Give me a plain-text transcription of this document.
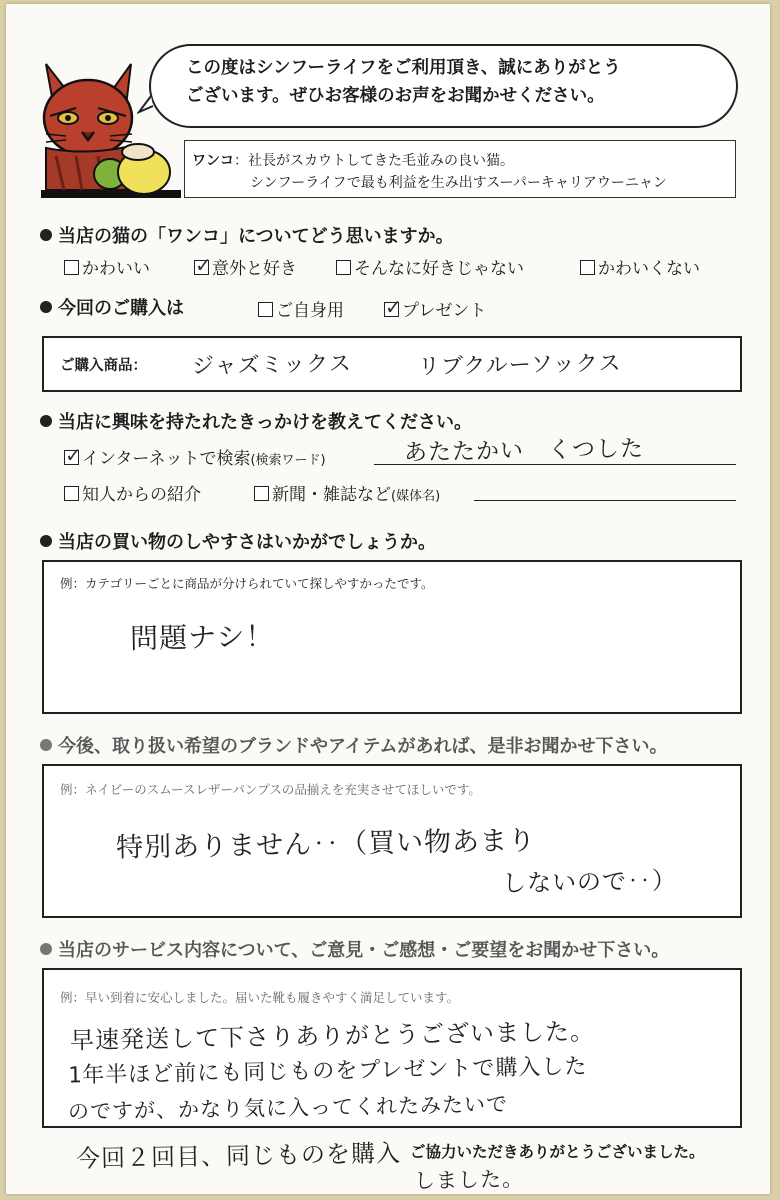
この度はシンフーライフをご利用頂き、誠にありがとう
ございます。ぜひお客様のお声をお聞かせください。
ワンコ：社長がスカウトしてきた毛並みの良い猫。
シンフーライフで最も利益を生み出すスーパーキャリアウーニャン
当店の猫の「ワンコ」についてどう思いますか。
かわいい ✓	意外と好き	そんなに好きじゃない	かわいくない
今回のご購入は	ご自身用 ✓	プレゼント
ご購入商品： ジャズミックス	リブクルーソックス
当店に興味を持たれたきっかけを教えてください。
✓インターネットで検索(検索ワード)	あたたかい　くつした
知人からの紹介	新聞・雑誌など(媒体名)
当店の買い物のしやすさはいかがでしょうか。
例：カテゴリーごとに商品が分けられていて探しやすかったです。
問題ナシ！
今後、取り扱い希望のブランドやアイテムがあれば、是非お聞かせ下さい。
例：ネイビーのスムースレザーパンプスの品揃えを充実させてほしいです。
特別ありません‥（買い物あまり
しないので‥）
当店のサービス内容について、ご意見・ご感想・ご要望をお聞かせ下さい。
例：早い到着に安心しました。届いた靴も履きやすく満足しています。
早速発送して下さりありがとうございました。
1年半ほど前にも同じものをプレゼントで購入した
のですが、かなり気に入ってくれたみたいで
今回２回目、同じものを購入
しました。
ご協力いただきありがとうございました。
